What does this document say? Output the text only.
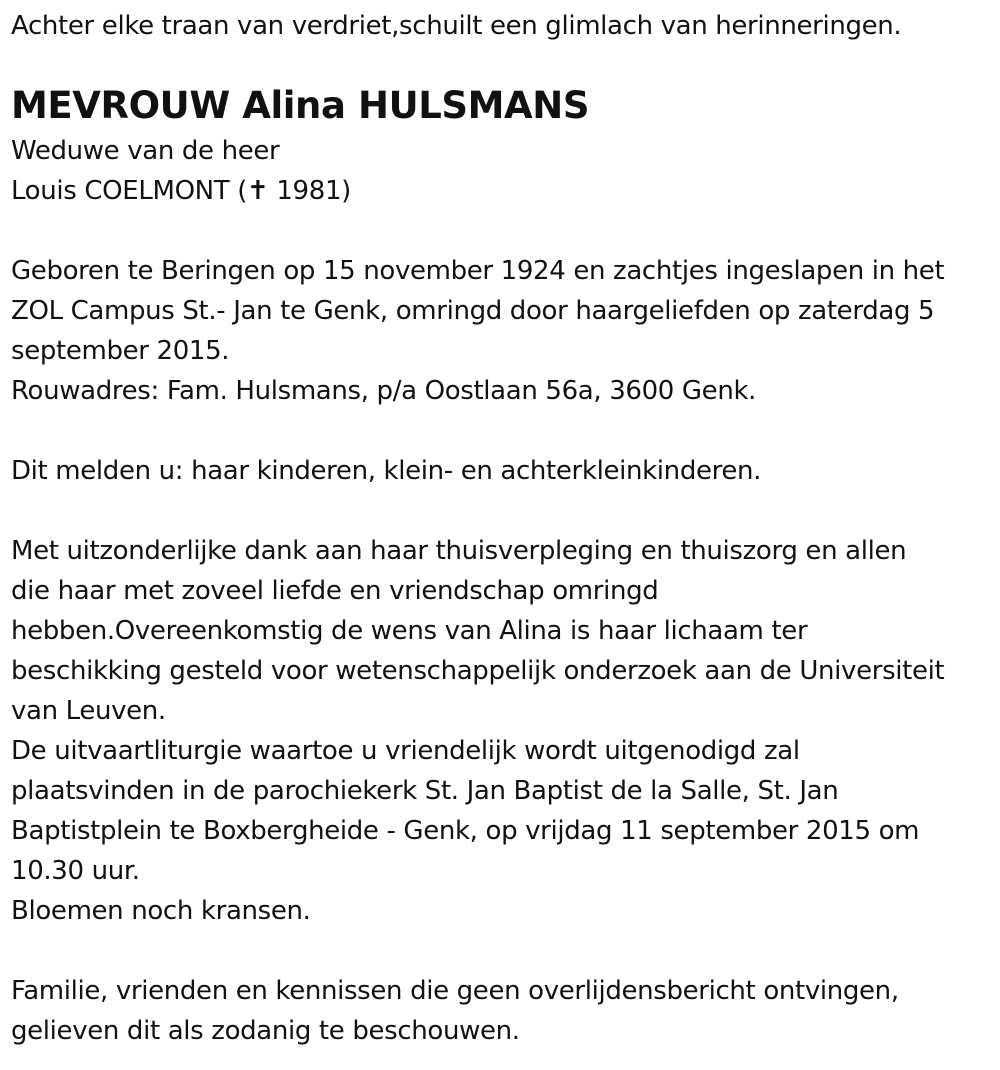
Achter elke traan van verdriet,schuilt een glimlach van herinneringen.
MEVROUW Alina HULSMANS
Weduwe van de heer
Louis COELMONT (✝ 1981)
Geboren te Beringen op 15 november 1924 en zachtjes ingeslapen in het
ZOL Campus St.- Jan te Genk, omringd door haargeliefden op zaterdag 5
september 2015.
Rouwadres: Fam. Hulsmans, p/a Oostlaan 56a, 3600 Genk.
Dit melden u: haar kinderen, klein- en achterkleinkinderen.
Met uitzonderlijke dank aan haar thuisverpleging en thuiszorg en allen
die haar met zoveel liefde en vriendschap omringd
hebben.Overeenkomstig de wens van Alina is haar lichaam ter
beschikking gesteld voor wetenschappelijk onderzoek aan de Universiteit
van Leuven.
De uitvaartliturgie waartoe u vriendelijk wordt uitgenodigd zal
plaatsvinden in de parochiekerk St. Jan Baptist de la Salle, St. Jan
Baptistplein te Boxbergheide - Genk, op vrijdag 11 september 2015 om
10.30 uur.
Bloemen noch kransen.
Familie, vrienden en kennissen die geen overlijdensbericht ontvingen,
gelieven dit als zodanig te beschouwen.
